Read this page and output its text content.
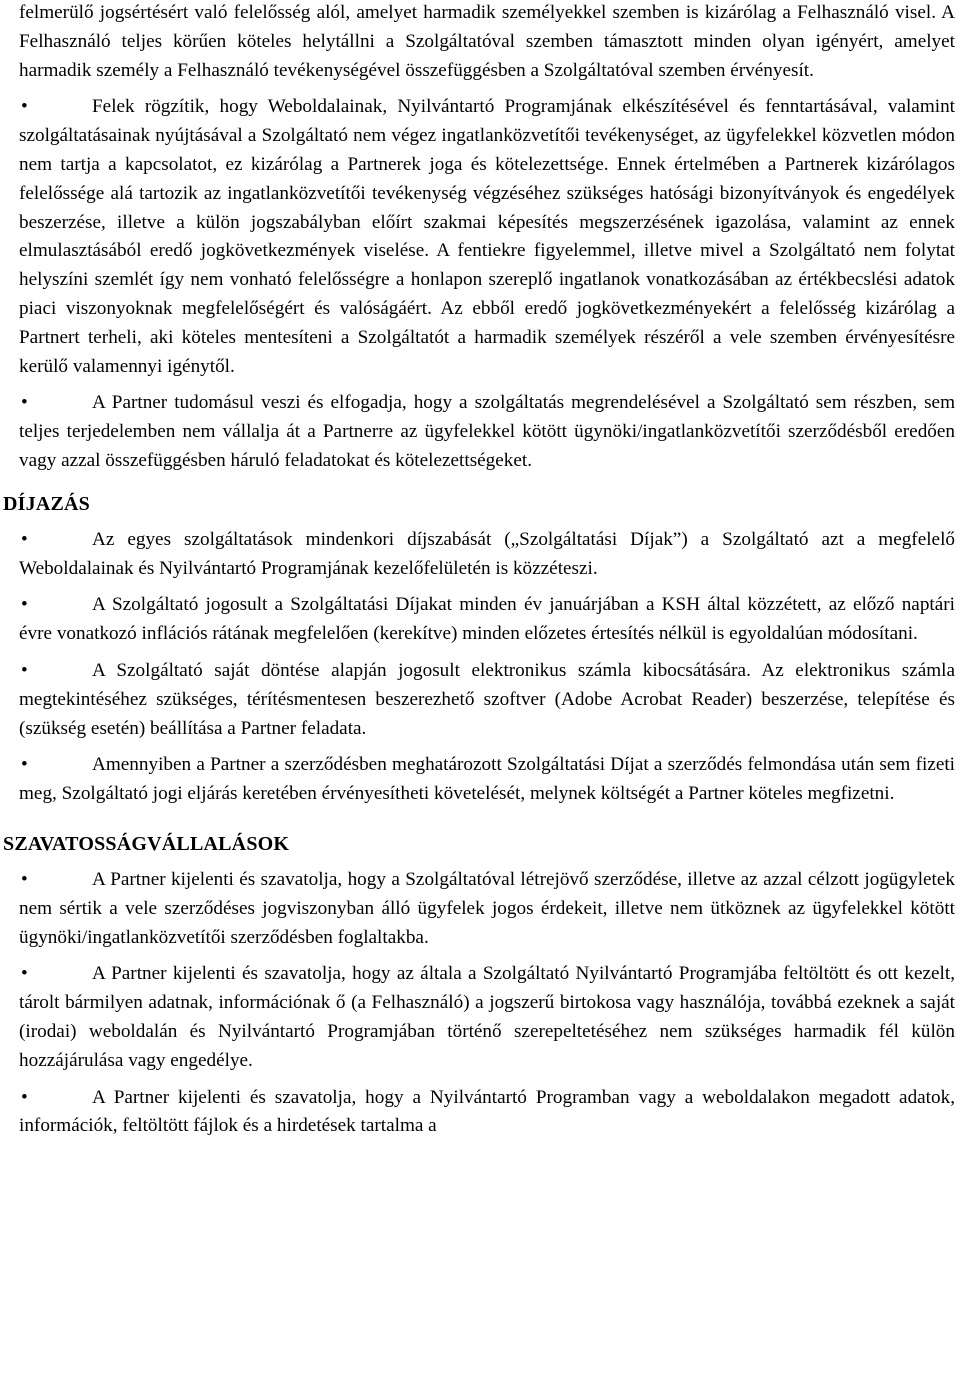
felmerülő jogsértésért való felelősség alól, amelyet harmadik személyekkel szemben is kizárólag a Felhasználó visel. A Felhasználó teljes körűen köteles helytállni a Szolgáltatóval szemben támasztott minden olyan igényért, amelyet harmadik személy a Felhasználó tevékenységével összefüggésben a Szolgáltatóval szemben érvényesít.

•	Felek rögzítik, hogy Weboldalainak, Nyilvántartó Programjának elkészítésével és fenntartásával, valamint szolgáltatásainak nyújtásával a Szolgáltató nem végez ingatlanközvetítői tevékenységet, az ügyfelekkel közvetlen módon nem tartja a kapcsolatot, ez kizárólag a Partnerek joga és kötelezettsége. Ennek értelmében a Partnerek kizárólagos felelőssége alá tartozik az ingatlanközvetítői tevékenység végzéséhez szükséges hatósági bizonyítványok és engedélyek beszerzése, illetve a külön jogszabályban előírt szakmai képesítés megszerzésének igazolása, valamint az ennek elmulasztásából eredő jogkövetkezmények viselése. A fentiekre figyelemmel, illetve mivel a Szolgáltató nem folytat helyszíni szemlét így nem vonható felelősségre a honlapon szereplő ingatlanok vonatkozásában az értékbecslési adatok piaci viszonyoknak megfelelőségért és valóságáért. Az ebből eredő jogkövetkezményekért a felelősség kizárólag a Partnert terheli, aki köteles mentesíteni a Szolgáltatót a harmadik személyek részéről a vele szemben érvényesítésre kerülő valamennyi igénytől.

•	A Partner tudomásul veszi és elfogadja, hogy a szolgáltatás megrendelésével a Szolgáltató sem részben, sem teljes terjedelemben nem vállalja át a Partnerre az ügyfelekkel kötött ügynöki/ingatlanközvetítői szerződésből eredően vagy azzal összefüggésben háruló feladatokat és kötelezettségeket.

DÍJAZÁS

•	Az egyes szolgáltatások mindenkori díjszabását („Szolgáltatási Díjak”) a Szolgáltató azt a megfelelő Weboldalainak és Nyilvántartó Programjának kezelőfelületén is közzéteszi.

•	A Szolgáltató jogosult a Szolgáltatási Díjakat minden év januárjában a KSH által közzétett, az előző naptári évre vonatkozó inflációs rátának megfelelően (kerekítve) minden előzetes értesítés nélkül is egyoldalúan módosítani.

•	A Szolgáltató saját döntése alapján jogosult elektronikus számla kibocsátására. Az elektronikus számla megtekintéséhez szükséges, térítésmentesen beszerezhető szoftver (Adobe Acrobat Reader) beszerzése, telepítése és (szükség esetén) beállítása a Partner feladata.

•	Amennyiben a Partner a szerződésben meghatározott Szolgáltatási Díjat a szerződés felmondása után sem fizeti meg, Szolgáltató jogi eljárás keretében érvényesítheti követelését, melynek költségét a Partner köteles megfizetni.

SZAVATOSSÁGVÁLLALÁSOK

•	A Partner kijelenti és szavatolja, hogy a Szolgáltatóval létrejövő szerződése, illetve az azzal célzott jogügyletek nem sértik a vele szerződéses jogviszonyban álló ügyfelek jogos érdekeit, illetve nem ütköznek az ügyfelekkel kötött ügynöki/ingatlanközvetítői szerződésben foglaltakba.

•	A Partner kijelenti és szavatolja, hogy az általa a Szolgáltató Nyilvántartó Programjába feltöltött és ott kezelt, tárolt bármilyen adatnak, információnak ő (a Felhasználó) a jogszerű birtokosa vagy használója, továbbá ezeknek a saját (irodai) weboldalán és Nyilvántartó Programjában történő szerepeltetéséhez nem szükséges harmadik fél külön hozzájárulása vagy engedélye.

•	A Partner kijelenti és szavatolja, hogy a Nyilvántartó Programban vagy a weboldalakon megadott adatok, információk, feltöltött fájlok és a hirdetések tartalma a
